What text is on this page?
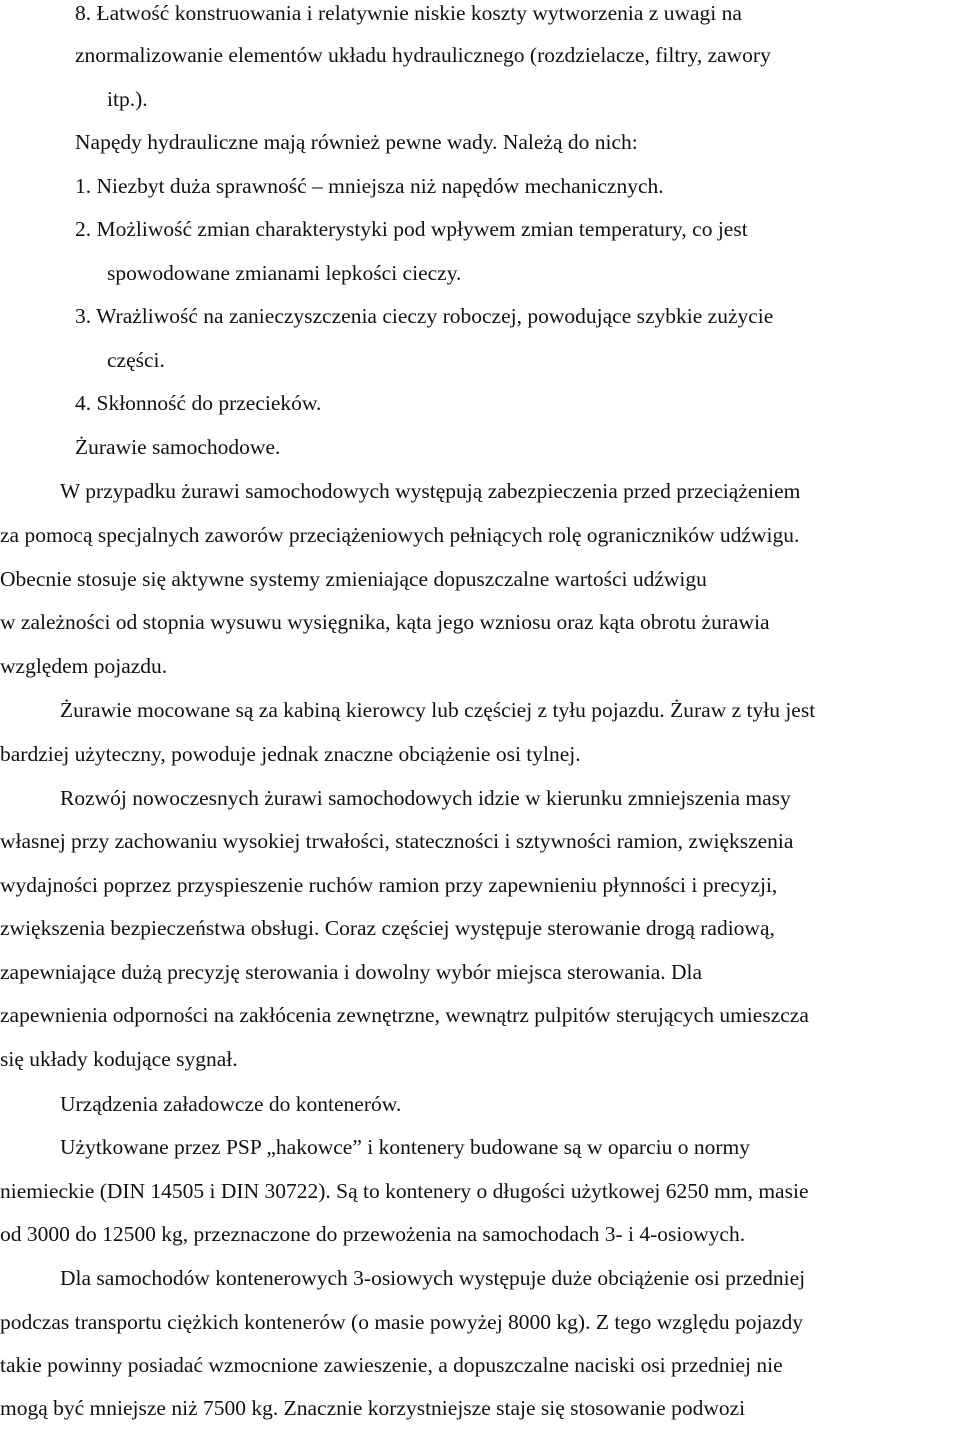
8. Łatwość konstruowania i relatywnie niskie koszty wytworzenia z uwagi na
znormalizowanie elementów układu hydraulicznego (rozdzielacze, filtry, zawory
itp.).
Napędy hydrauliczne mają również pewne wady. Należą do nich:
1. Niezbyt duża sprawność – mniejsza niż napędów mechanicznych.
2. Możliwość zmian charakterystyki pod wpływem zmian temperatury, co jest
spowodowane zmianami lepkości cieczy.
3. Wrażliwość na zanieczyszczenia cieczy roboczej, powodujące szybkie zużycie
części.
4. Skłonność do przecieków.
Żurawie samochodowe.
W przypadku żurawi samochodowych występują zabezpieczenia przed przeciążeniem
za pomocą specjalnych zaworów przeciążeniowych pełniących rolę ograniczników udźwigu.
Obecnie stosuje się aktywne systemy zmieniające dopuszczalne wartości udźwigu
w zależności od stopnia wysuwu wysięgnika, kąta jego wzniosu oraz kąta obrotu żurawia
względem pojazdu.
Żurawie mocowane są za kabiną kierowcy lub częściej z tyłu pojazdu. Żuraw z tyłu jest
bardziej użyteczny, powoduje jednak znaczne obciążenie osi tylnej.
Rozwój nowoczesnych żurawi samochodowych idzie w kierunku zmniejszenia masy
własnej przy zachowaniu wysokiej trwałości, stateczności i sztywności ramion, zwiększenia
wydajności poprzez przyspieszenie ruchów ramion przy zapewnieniu płynności i precyzji,
zwiększenia bezpieczeństwa obsługi. Coraz częściej występuje sterowanie drogą radiową,
zapewniające dużą precyzję sterowania i dowolny wybór miejsca sterowania. Dla
zapewnienia odporności na zakłócenia zewnętrzne, wewnątrz pulpitów sterujących umieszcza
się układy kodujące sygnał.
Urządzenia załadowcze do kontenerów.
Użytkowane przez PSP „hakowce” i kontenery budowane są w oparciu o normy
niemieckie (DIN 14505 i DIN 30722). Są to kontenery o długości użytkowej 6250 mm, masie
od 3000 do 12500 kg, przeznaczone do przewożenia na samochodach 3- i 4-osiowych.
Dla samochodów kontenerowych 3-osiowych występuje duże obciążenie osi przedniej
podczas transportu ciężkich kontenerów (o masie powyżej 8000 kg). Z tego względu pojazdy
takie powinny posiadać wzmocnione zawieszenie, a dopuszczalne naciski osi przedniej nie
mogą być mniejsze niż 7500 kg. Znacznie korzystniejsze staje się stosowanie podwozi
